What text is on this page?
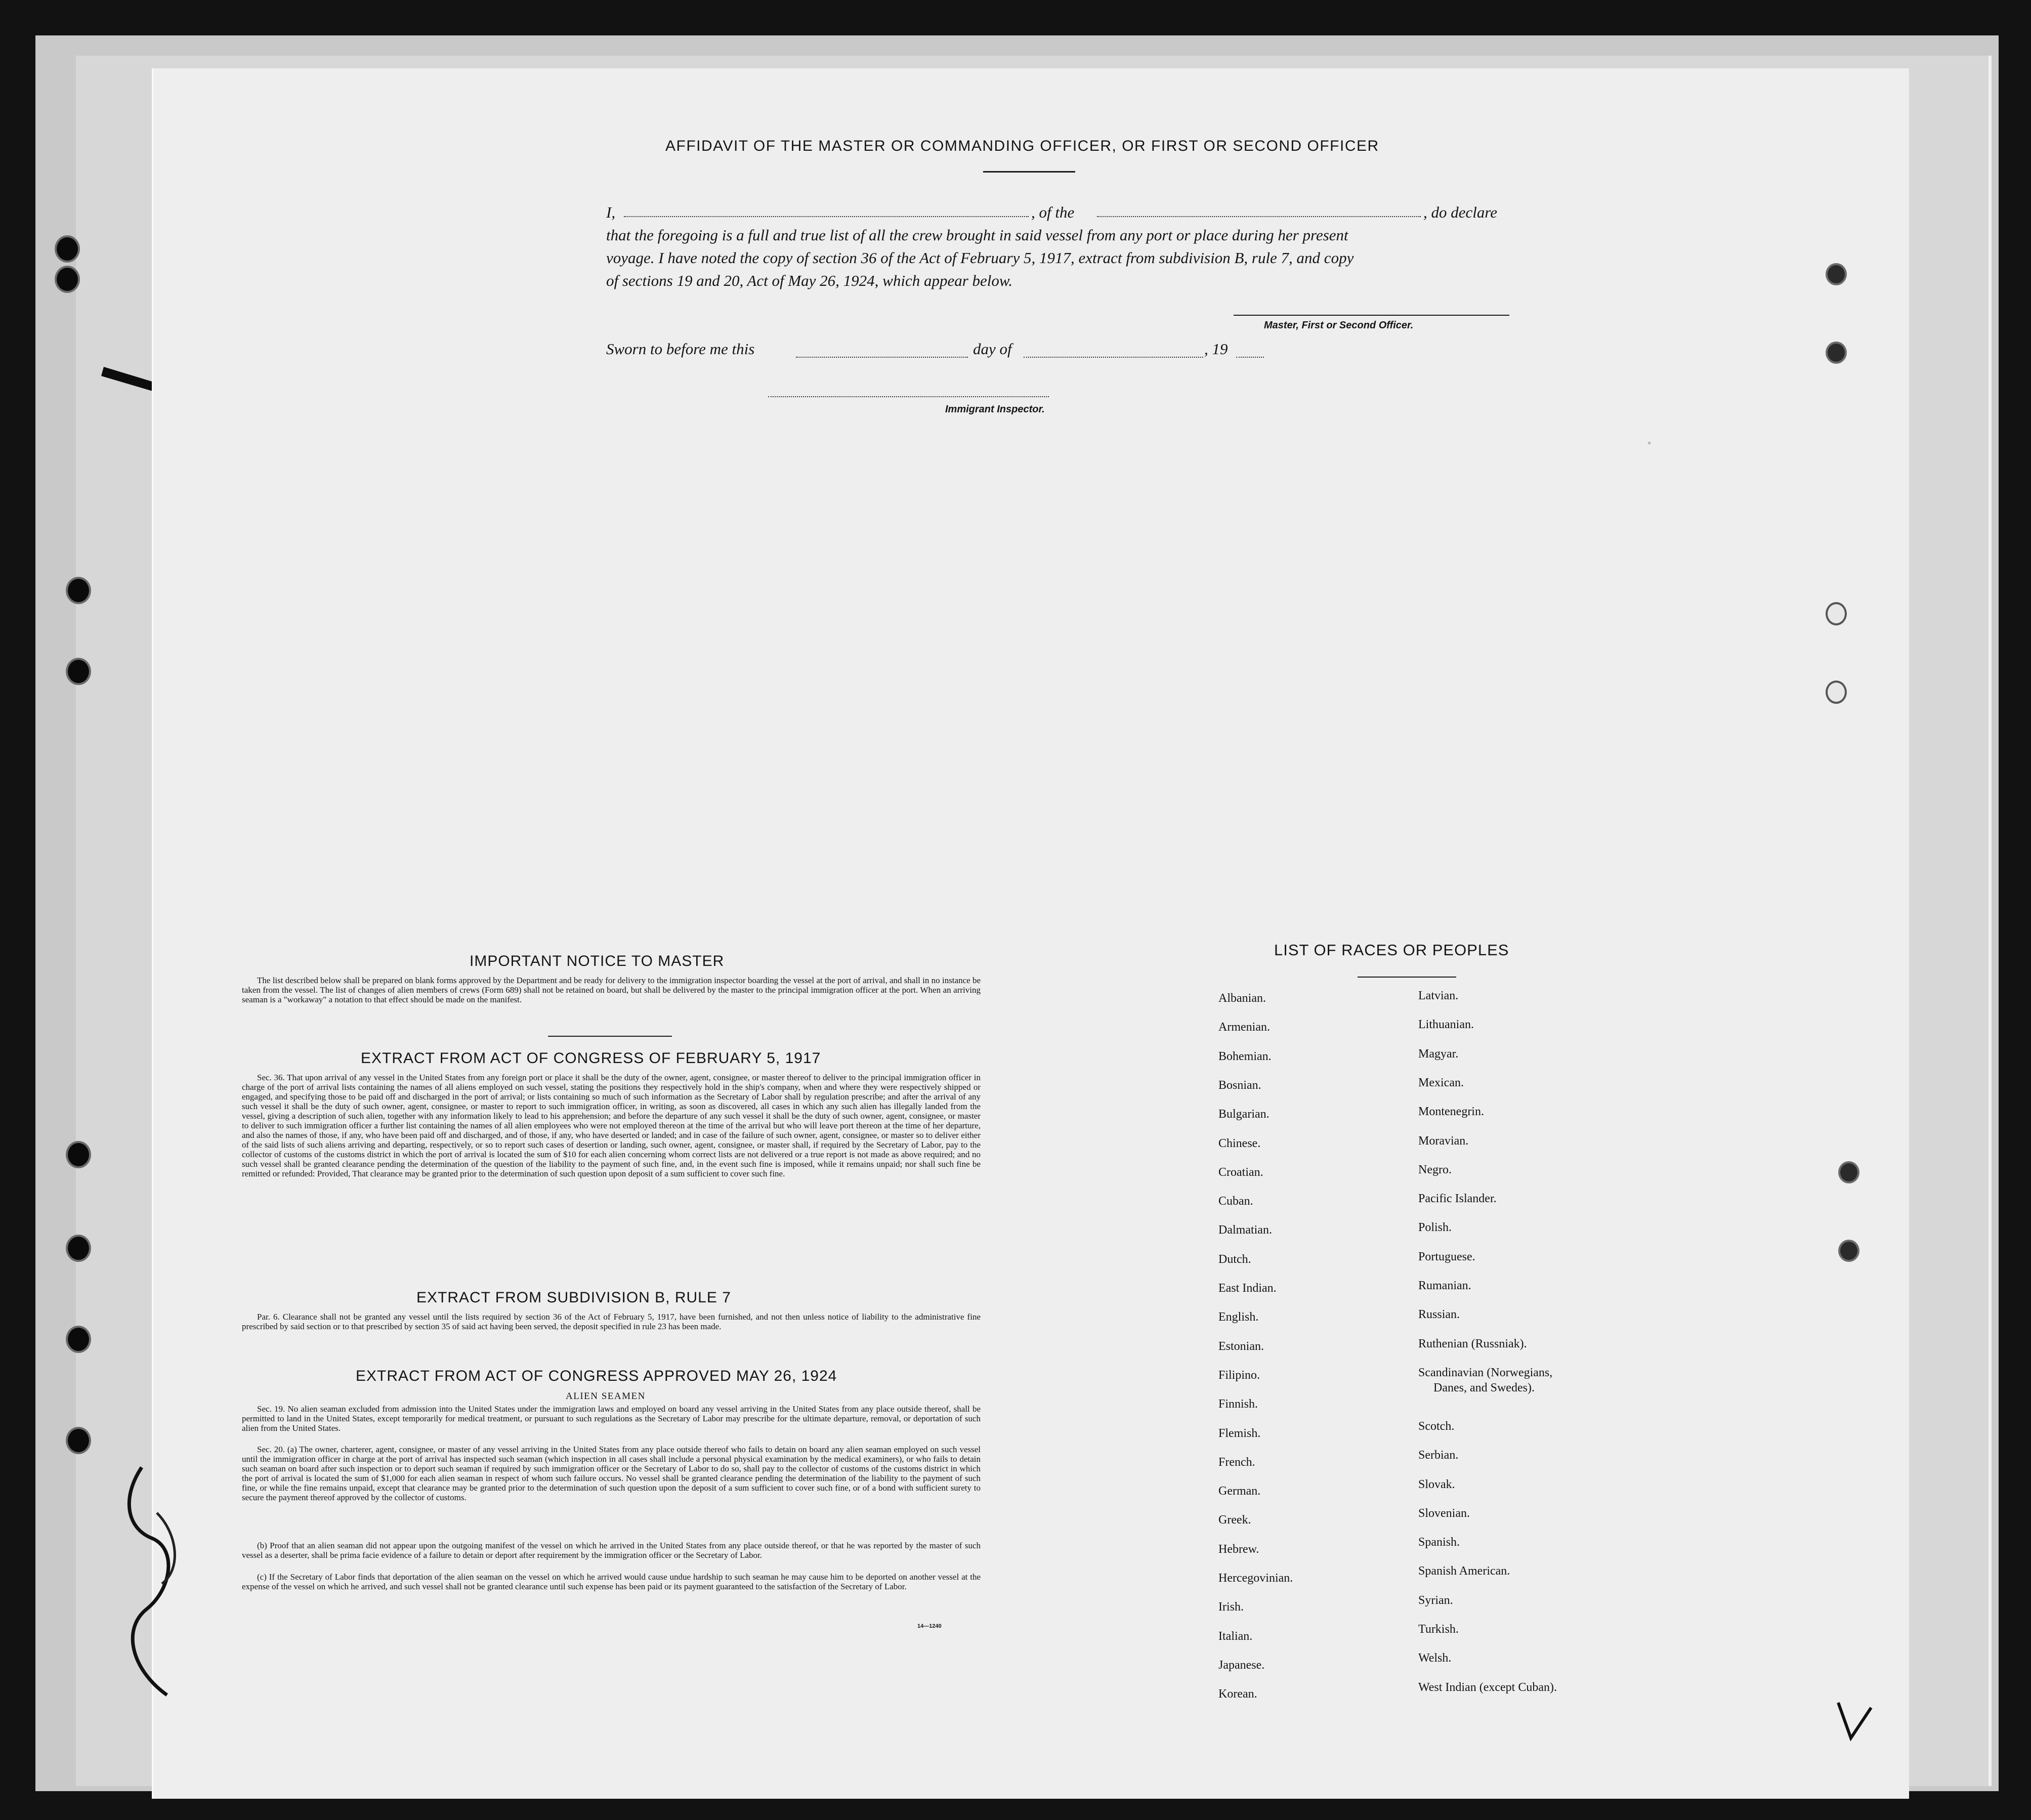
•
AFFIDAVIT OF THE MASTER OR COMMANDING OFFICER, OR FIRST OR SECOND OFFICER
I,	, of the	, do declare
that the foregoing is a full and true list of all the crew brought in said vessel from any port or place during her present
voyage. I have noted the copy of section 36 of the Act of February 5, 1917, extract from subdivision B, rule 7, and copy
of sections 19 and 20, Act of May 26, 1924, which appear below.
Master, First or Second Officer.
Sworn to before me this	day of	, 19
Immigrant Inspector.
IMPORTANT NOTICE TO MASTER
The list described below shall be prepared on blank forms approved by the Department and be ready for delivery to the immigration inspector boarding the vessel at the port of arrival, and shall in no instance be taken from the vessel. The list of changes of alien members of crews (Form 689) shall not be retained on board, but shall be delivered by the master to the principal immigration officer at the port. When an arriving seaman is a "workaway" a notation to that effect should be made on the manifest.
EXTRACT FROM ACT OF CONGRESS OF FEBRUARY 5, 1917
Sec. 36. That upon arrival of any vessel in the United States from any foreign port or place it shall be the duty of the owner, agent, consignee, or master thereof to deliver to the principal immigration officer in charge of the port of arrival lists containing the names of all aliens employed on such vessel, stating the positions they respectively hold in the ship's company, when and where they were respectively shipped or engaged, and specifying those to be paid off and discharged in the port of arrival; or lists containing so much of such information as the Secretary of Labor shall by regulation prescribe; and after the arrival of any such vessel it shall be the duty of such owner, agent, consignee, or master to report to such immigration officer, in writing, as soon as discovered, all cases in which any such alien has illegally landed from the vessel, giving a description of such alien, together with any information likely to lead to his apprehension; and before the departure of any such vessel it shall be the duty of such owner, agent, consignee, or master to deliver to such immigration officer a further list containing the names of all alien employees who were not employed thereon at the time of the arrival but who will leave port thereon at the time of her departure, and also the names of those, if any, who have been paid off and discharged, and of those, if any, who have deserted or landed; and in case of the failure of such owner, agent, consignee, or master so to deliver either of the said lists of such aliens arriving and departing, respectively, or so to report such cases of desertion or landing, such owner, agent, consignee, or master shall, if required by the Secretary of Labor, pay to the collector of customs of the customs district in which the port of arrival is located the sum of $10 for each alien concerning whom correct lists are not delivered or a true report is not made as above required; and no such vessel shall be granted clearance pending the determination of the question of the liability to the payment of such fine, and, in the event such fine is imposed, while it remains unpaid; nor shall such fine be remitted or refunded: Provided, That clearance may be granted prior to the determination of such question upon deposit of a sum sufficient to cover such fine.
EXTRACT FROM SUBDIVISION B, RULE 7
Par. 6. Clearance shall not be granted any vessel until the lists required by section 36 of the Act of February 5, 1917, have been furnished, and not then unless notice of liability to the administrative fine prescribed by said section or to that prescribed by section 35 of said act having been served, the deposit specified in rule 23 has been made.
EXTRACT FROM ACT OF CONGRESS APPROVED MAY 26, 1924
ALIEN SEAMEN
Sec. 19. No alien seaman excluded from admission into the United States under the immigration laws and employed on board any vessel arriving in the United States from any place outside thereof, shall be permitted to land in the United States, except temporarily for medical treatment, or pursuant to such regulations as the Secretary of Labor may prescribe for the ultimate departure, removal, or deportation of such alien from the United States.
Sec. 20. (a) The owner, charterer, agent, consignee, or master of any vessel arriving in the United States from any place outside thereof who fails to detain on board any alien seaman employed on such vessel until the immigration officer in charge at the port of arrival has inspected such seaman (which inspection in all cases shall include a personal physical examination by the medical examiners), or who fails to detain such seaman on board after such inspection or to deport such seaman if required by such immigration officer or the Secretary of Labor to do so, shall pay to the collector of customs of the customs district in which the port of arrival is located the sum of $1,000 for each alien seaman in respect of whom such failure occurs. No vessel shall be granted clearance pending the determination of the liability to the payment of such fine, or while the fine remains unpaid, except that clearance may be granted prior to the determination of such question upon the deposit of a sum sufficient to cover such fine, or of a bond with sufficient surety to secure the payment thereof approved by the collector of customs.
(b) Proof that an alien seaman did not appear upon the outgoing manifest of the vessel on which he arrived in the United States from any place outside thereof, or that he was reported by the master of such vessel as a deserter, shall be prima facie evidence of a failure to detain or deport after requirement by the immigration officer or the Secretary of Labor.
(c) If the Secretary of Labor finds that deportation of the alien seaman on the vessel on which he arrived would cause undue hardship to such seaman he may cause him to be deported on another vessel at the expense of the vessel on which he arrived, and such vessel shall not be granted clearance until such expense has been paid or its payment guaranteed to the satisfaction of the Secretary of Labor.
14—1240
LIST OF RACES OR PEOPLES
Albanian.
Armenian.
Bohemian.
Bosnian.
Bulgarian.
Chinese.
Croatian.
Cuban.
Dalmatian.
Dutch.
East Indian.
English.
Estonian.
Filipino.
Finnish.
Flemish.
French.
German.
Greek.
Hebrew.
Hercegovinian.
Irish.
Italian.
Japanese.
Korean.
Latvian.
Lithuanian.
Magyar.
Mexican.
Montenegrin.
Moravian.
Negro.
Pacific Islander.
Polish.
Portuguese.
Rumanian.
Russian.
Ruthenian (Russniak).
Scandinavian (Norwegians,
Danes, and Swedes).
Scotch.
Serbian.
Slovak.
Slovenian.
Spanish.
Spanish American.
Syrian.
Turkish.
Welsh.
West Indian (except Cuban).
